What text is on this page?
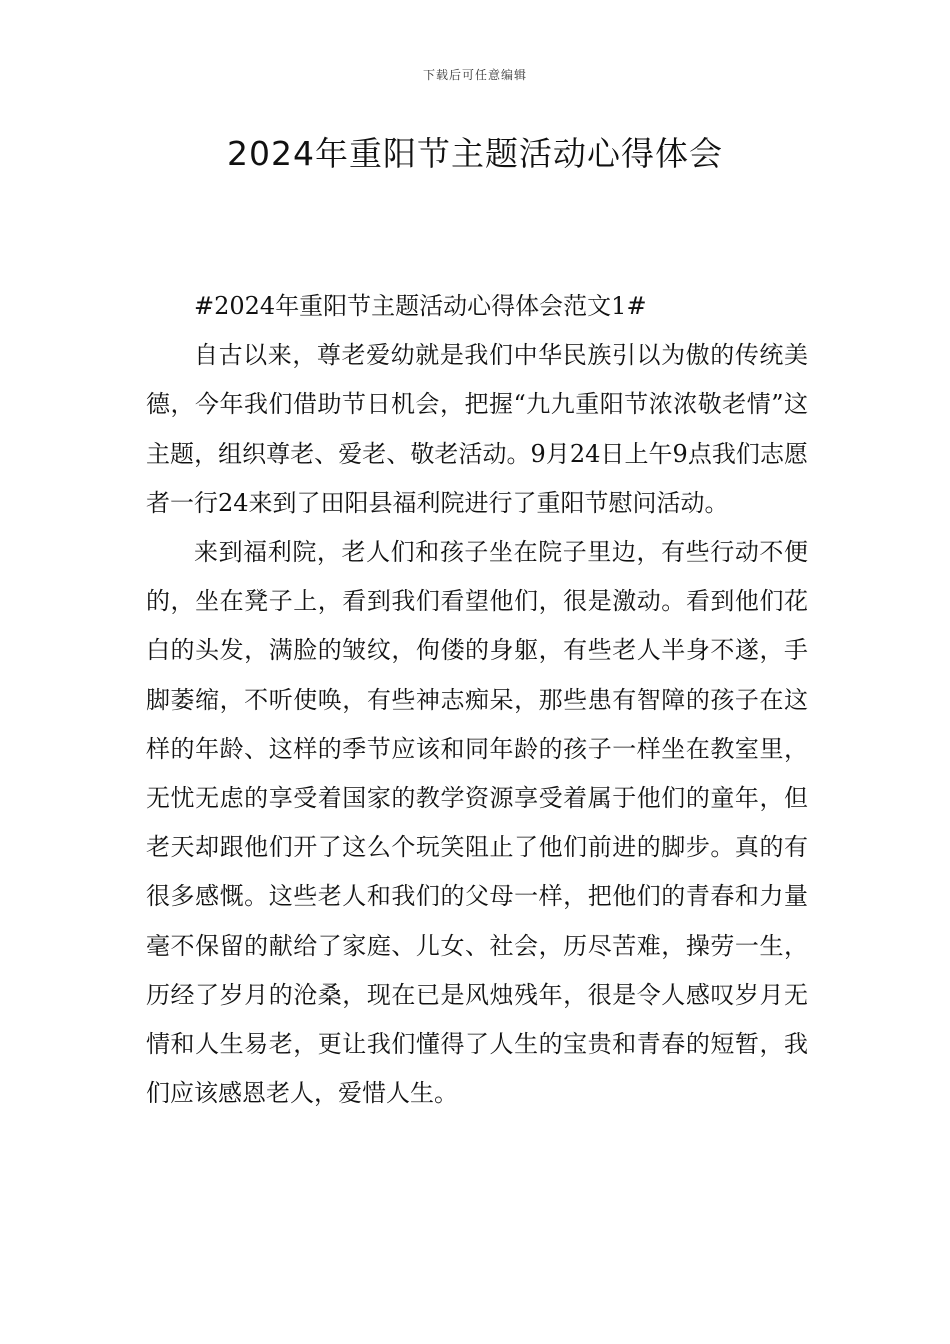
下载后可任意编辑
2024年重阳节主题活动心得体会

#2024年重阳节主题活动心得体会范文1#

自古以来，尊老爱幼就是我们中华民族引以为傲的传统美德，今年我们借助节日机会，把握“九九重阳节浓浓敬老情”这主题，组织尊老、爱老、敬老活动。9月24日上午9点我们志愿者一行24来到了田阳县福利院进行了重阳节慰问活动。

来到福利院，老人们和孩子坐在院子里边，有些行动不便的，坐在凳子上，看到我们看望他们，很是激动。看到他们花白的头发，满脸的皱纹，佝偻的身躯，有些老人半身不遂，手脚萎缩，不听使唤，有些神志痴呆，那些患有智障的孩子在这样的年龄、这样的季节应该和同年龄的孩子一样坐在教室里，无忧无虑的享受着国家的教学资源享受着属于他们的童年，但老天却跟他们开了这么个玩笑阻止了他们前进的脚步。真的有很多感慨。这些老人和我们的父母一样，把他们的青春和力量毫不保留的献给了家庭、儿女、社会，历尽苦难，操劳一生，历经了岁月的沧桑，现在已是风烛残年，很是令人感叹岁月无情和人生易老，更让我们懂得了人生的宝贵和青春的短暂，我们应该感恩老人，爱惜人生。
